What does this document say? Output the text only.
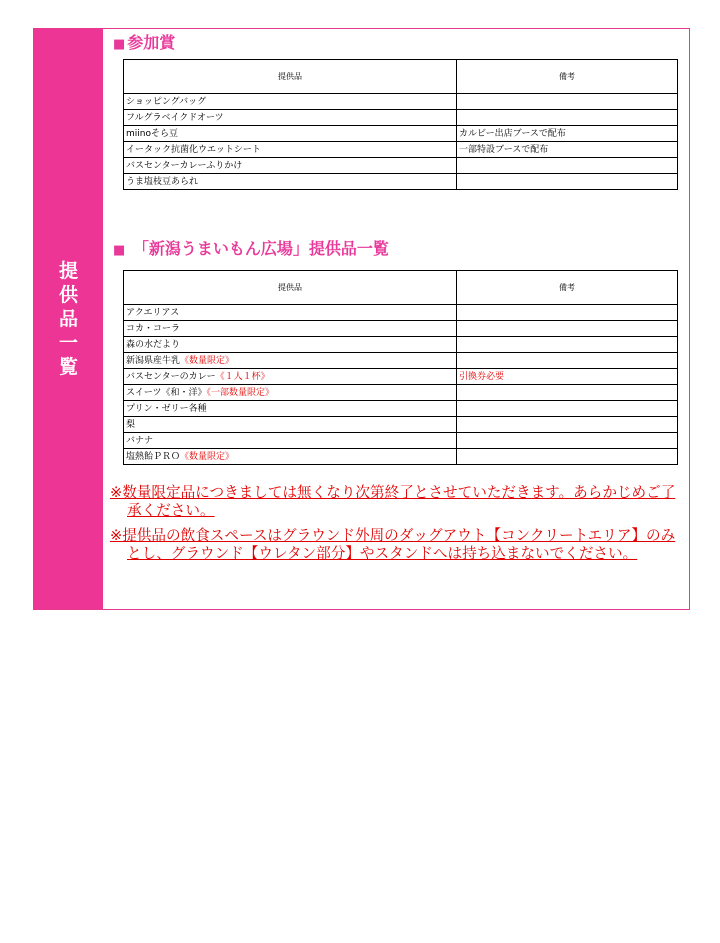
提
供
品
一
覧
■ 参加賞
提供品	備考
ショッピングバッグ	
フルグラベイクドオーツ	
miinoそら豆	カルビー出店ブースで配布
イータック抗菌化ウエットシート	一部特設ブースで配布
バスセンターカレーふりかけ	
うま塩枝豆あられ	
■ 「新潟うまいもん広場」提供品一覧
提供品	備考
アクエリアス	
コカ・コーラ	
森の水だより	
新潟県産牛乳《数量限定》	
バスセンターのカレー《１人１杯》	引換券必要
スイーツ《和・洋》《一部数量限定》	
プリン・ゼリー各種	
梨	
バナナ	
塩熱飴ＰＲＯ《数量限定》	

※数量限定品につきましては無くなり次第終了とさせていただきます。あらかじめご了承ください。

※提供品の飲食スペースはグラウンド外周のダッグアウト【コンクリートエリア】のみとし、グラウンド【ウレタン部分】やスタンドへは持ち込まないでください。
